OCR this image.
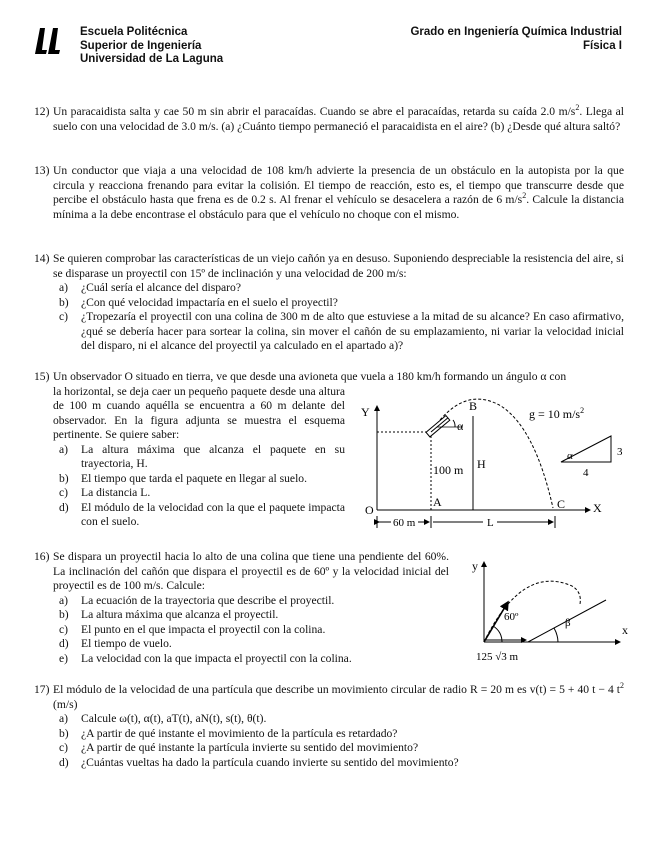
Escuela Politécnica
Superior de Ingeniería
Universidad de La Laguna
Grado en Ingeniería Química Industrial
Física I
12) Un paracaidista salta y cae 50 m sin abrir el paracaídas. Cuando se abre el paracaídas, retarda su caída 2.0 $m/s^2$. Llega al suelo con una velocidad de 3.0 m/s. (a) ¿Cuánto tiempo permaneció el paracaidista en el aire? (b) ¿Desde qué altura saltó?
13) Un conductor que viaja a una velocidad de 108 km/h advierte la presencia de un obstáculo en la autopista por la que circula y reacciona frenando para evitar la colisión. El tiempo de reacción, esto es, el tiempo que transcurre desde que percibe el obstáculo hasta que frena es de 0.2 s. Al frenar el vehículo se desacelera a razón de 6 $m/s^2$. Calcule la distancia mínima a la debe encontrase el obstáculo para que el vehículo no choque con el mismo.
14) Se quieren comprobar las características de un viejo cañón ya en desuso. Suponiendo despreciable la resistencia del aire, si se disparase un proyectil con 15º de inclinación y una velocidad de 200 m/s:
a) ¿Cuál sería el alcance del disparo?
b) ¿Con qué velocidad impactaría en el suelo el proyectil?
c) ¿Tropezaría el proyectil con una colina de 300 m de alto que estuviese a la mitad de su alcance? En caso afirmativo, ¿qué se debería hacer para sortear la colina, sin mover el cañón de su emplazamiento, ni variar la velocidad inicial del disparo, ni el alcance del proyectil ya calculado en el apartado a)?
15) Un observador O situado en tierra, ve que desde una avioneta que vuela a 180 km/h formando un ángulo α con
la horizontal, se deja caer un pequeño paquete desde una altura de 100 m cuando aquélla se encuentra a 60 m delante del observador. En la figura adjunta se muestra el esquema pertinente. Se quiere saber:
a) La altura máxima que alcanza el paquete en su trayectoria, H.
b) El tiempo que tarda el paquete en llegar al suelo.
c) La distancia L.
d) El módulo de la velocidad con la que el paquete impacta con el suelo.
Y
X
O
α
B
H
100 m
A	C
g = 10 $m/s^2$
α	3
4
60 m	L
16) Se dispara un proyectil hacia lo alto de una colina que tiene una pendiente del 60%. La inclinación del cañón que dispara el proyectil es de 60º y la velocidad inicial del proyectil es de 100 m/s. Calcule:
a) La ecuación de la trayectoria que describe el proyectil.
b) La altura máxima que alcanza el proyectil.
c) El punto en el que impacta el proyectil con la colina.
d) El tiempo de vuelo.
e) La velocidad con la que impacta el proyectil con la colina.
y
x
60º	β
125 √3 m
17) El módulo de la velocidad de una partícula que describe un movimiento circular de radio R = 20 m es v(t) = 5 + 40 t − 4 $t^2$ (m/s)
a) Calcule ω(t), α(t), aT(t), aN(t), s(t), θ(t).
b) ¿A partir de qué instante el movimiento de la partícula es retardado?
c) ¿A partir de qué instante la partícula invierte su sentido del movimiento?
d) ¿Cuántas vueltas ha dado la partícula cuando invierte su sentido del movimiento?
